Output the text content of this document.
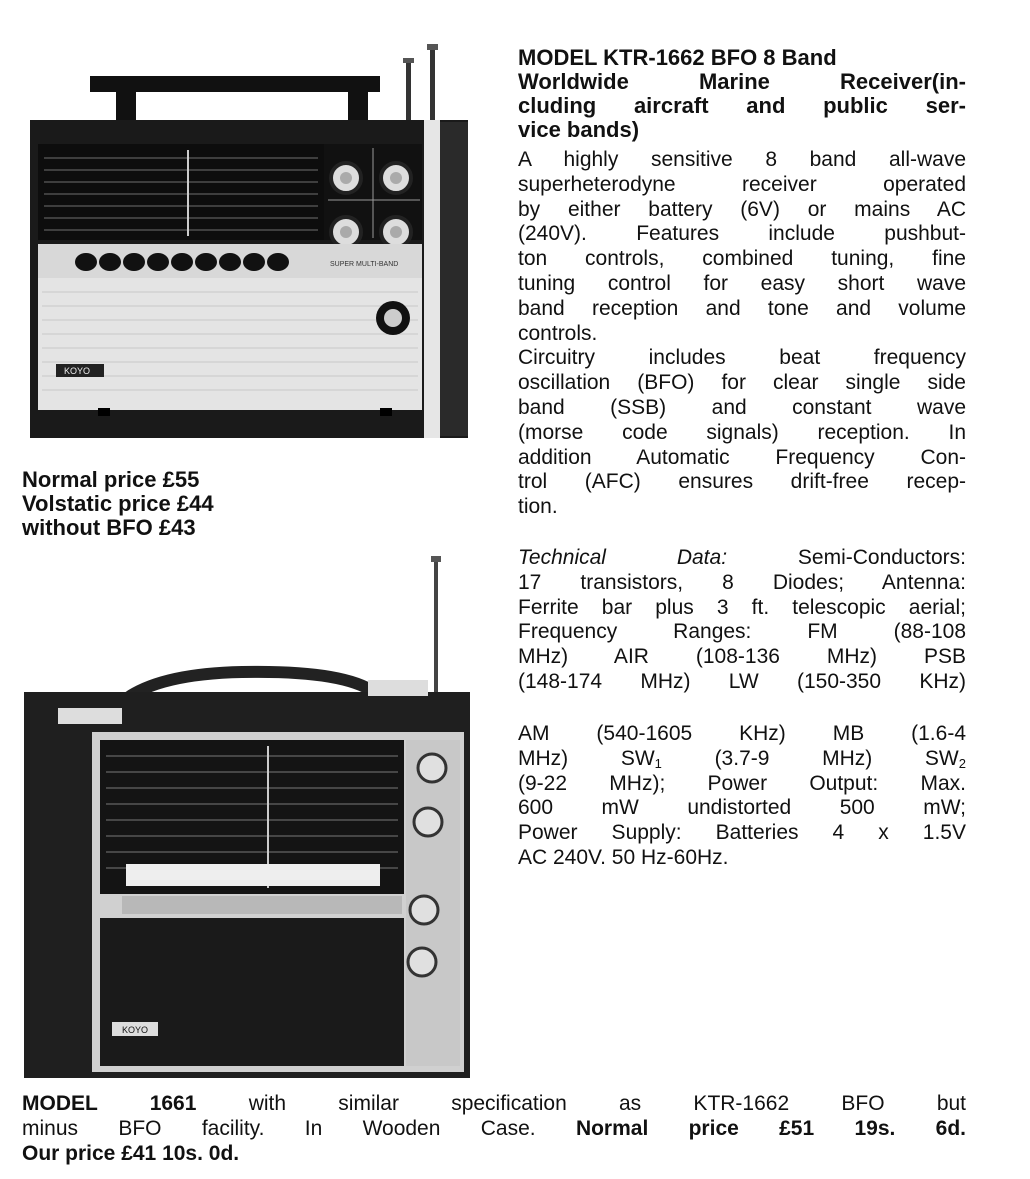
SUPER MULTI-BAND
KOYO
KOYO
MODEL KTR-1662 BFO 8 Band
Worldwide Marine Receiver(in-
cluding aircraft and public ser-
vice bands)
A highly sensitive 8 band all-wave
superheterodyne receiver operated
by either battery (6V) or mains AC
(240V). Features include pushbut-
ton controls, combined tuning, fine
tuning control for easy short wave
band reception and tone and volume
controls.
Circuitry includes beat frequency
oscillation (BFO) for clear single side
band (SSB) and constant wave
(morse code signals) reception. In
addition Automatic Frequency Con-
trol (AFC) ensures drift-free recep-
tion.
Technical Data:	Semi-Conductors:
17 transistors, 8 Diodes; Antenna:
Ferrite bar plus 3 ft. telescopic aerial;
Frequency Ranges: FM (88-108
MHz) AIR (108-136 MHz) PSB
(148-174 MHz) LW (150-350 KHz)
AM (540-1605 KHz) MB (1.6-4
MHz) $SW_1$	(3.7-9 MHz) $SW_2$
(9-22 MHz); Power Output: Max.
600 mW undistorted 500 mW;
Power Supply: Batteries 4 x 1.5V
AC 240V. 50 Hz-60Hz.
Normal price £55
Volstatic price £44
without BFO £43
MODEL 1661 with similar specification as KTR-1662 BFO but
minus BFO facility. In Wooden Case. Normal price £51 19s. 6d.
Our price £41 10s. 0d.
